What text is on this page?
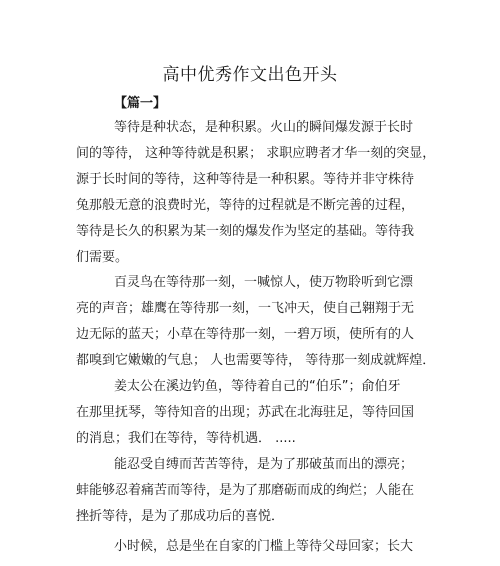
高中优秀作文出色开头
【篇一】
等待是种状态，是种积累。火山的瞬间爆发源于长时
间的等待， 这种等待就是积累； 求职应聘者才华一刻的突显，
源于长时间的等待，这种等待是一种积累。等待并非守株待
兔那般无意的浪费时光，等待的过程就是不断完善的过程，
等待是长久的积累为某一刻的爆发作为坚定的基础。等待我
们需要。
百灵鸟在等待那一刻，一喊惊人，使万物聆听到它漂
亮的声音；雄鹰在等待那一刻，一飞冲天，使自己翱翔于无
边无际的蓝天；小草在等待那一刻，一碧万顷，使所有的人
都嗅到它嫩嫩的气息； 人也需要等待， 等待那一刻成就辉煌．
姜太公在溪边钓鱼，等待着自己的“伯乐”；俞伯牙
在那里抚琴，等待知音的出现；苏武在北海驻足，等待回国
的消息；我们在等待，等待机遇． .....
能忍受自缚而苦苦等待，是为了那破茧而出的漂亮；
蚌能够忍着痛苦而等待，是为了那磨砺而成的绚烂；人能在
挫折等待，是为了那成功后的喜悦．
小时候，总是坐在自家的门槛上等待父母回家；长大
